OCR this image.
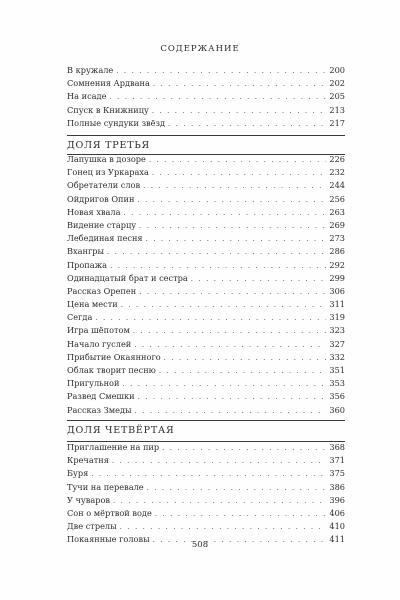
СОДЕРЖАНИЕ
В кружале . . .	200
Сомнения Ардвана . . .	202
На исаде . . .	205
Спуск в Книжницу . . .	213
Полные сундуки звёзд . . .	217
ДОЛЯ ТРЕТЬЯ
Лапушка в дозоре . . .	226
Гонец из Уркараха . . .	232
Обретатели слов . . .	244
Ойдригов Опин . . .	256
Новая хвала . . .	263
Видение старцу . . .	269
Лебединая песня . . .	273
Вхангры . . .	286
Пропажа . . .	292
Одинадцатый брат и сестра . . .	299
Рассказ Орепен . . .	306
Цена мести . . .	311
Сегда . . .	319
Игра шёпотом . . .	323
Начало гуслей . . .	327
Прибытие Окаянного . . .	332
Облак творит песню . . .	351
Пригульной . . .	353
Развед Смешки . . .	356
Рассказ Змеды . . .	360
ДОЛЯ ЧЕТВЁРТАЯ
Приглашение на пир . . .	368
Кречатня . . .	371
Буря . . .	375
Тучи на перевале . . .	386
У чуваров . . .	396
Сон о мёртвой воде . . .	406
Две стрелы . . .	410
Покаянные головы . . .	411
508
